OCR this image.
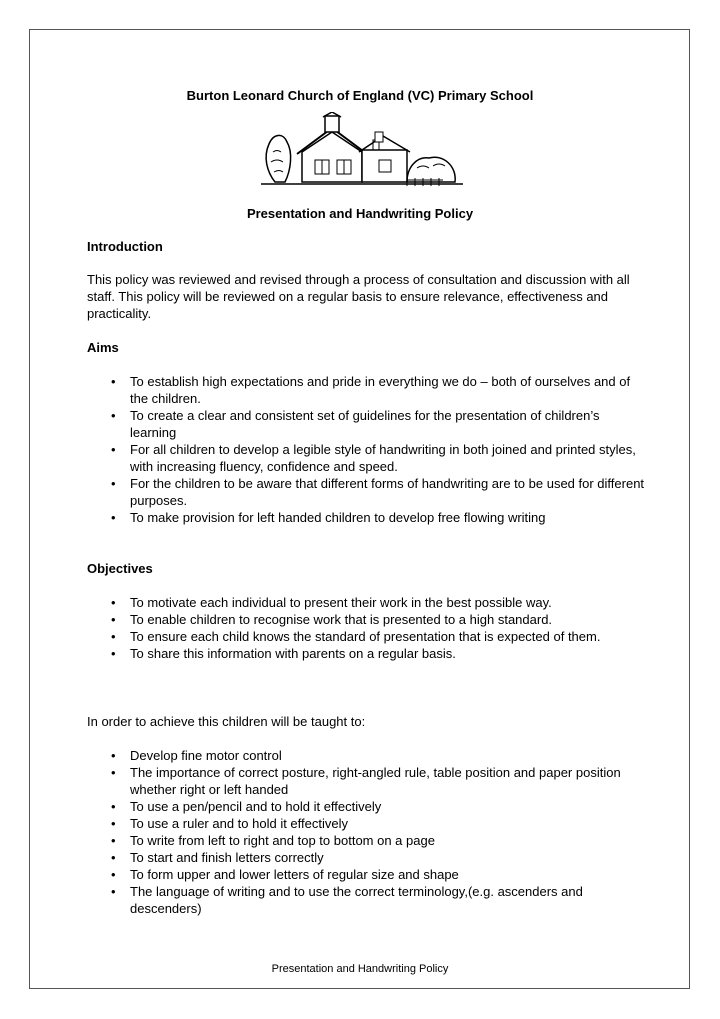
Burton Leonard Church of England (VC) Primary School
Presentation and Handwriting Policy
Introduction

This policy was reviewed and revised through a process of consultation and discussion with all staff. This policy will be reviewed on a regular basis to ensure relevance, effectiveness and practicality.

Aims
• To establish high expectations and pride in everything we do – both of ourselves and of the children.
• To create a clear and consistent set of guidelines for the presentation of children’s learning
• For all children to develop a legible style of handwriting in both joined and printed styles, with increasing fluency, confidence and speed.
• For the children to be aware that different forms of handwriting are to be used for different purposes.
• To make provision for left handed children to develop free flowing writing
Objectives
• To motivate each individual to present their work in the best possible way.
• To enable children to recognise work that is presented to a high standard.
• To ensure each child knows the standard of presentation that is expected of them.
• To share this information with parents on a regular basis.

In order to achieve this children will be taught to:

• Develop fine motor control
• The importance of correct posture, right-angled rule, table position and paper position whether right or left handed
• To use a pen/pencil and to hold it effectively
• To use a ruler and to hold it effectively
• To write from left to right and top to bottom on a page
• To start and finish letters correctly
• To form upper and lower letters of regular size and shape
• The language of writing and to use the correct terminology,(e.g. ascenders and descenders)
Presentation and Handwriting Policy
